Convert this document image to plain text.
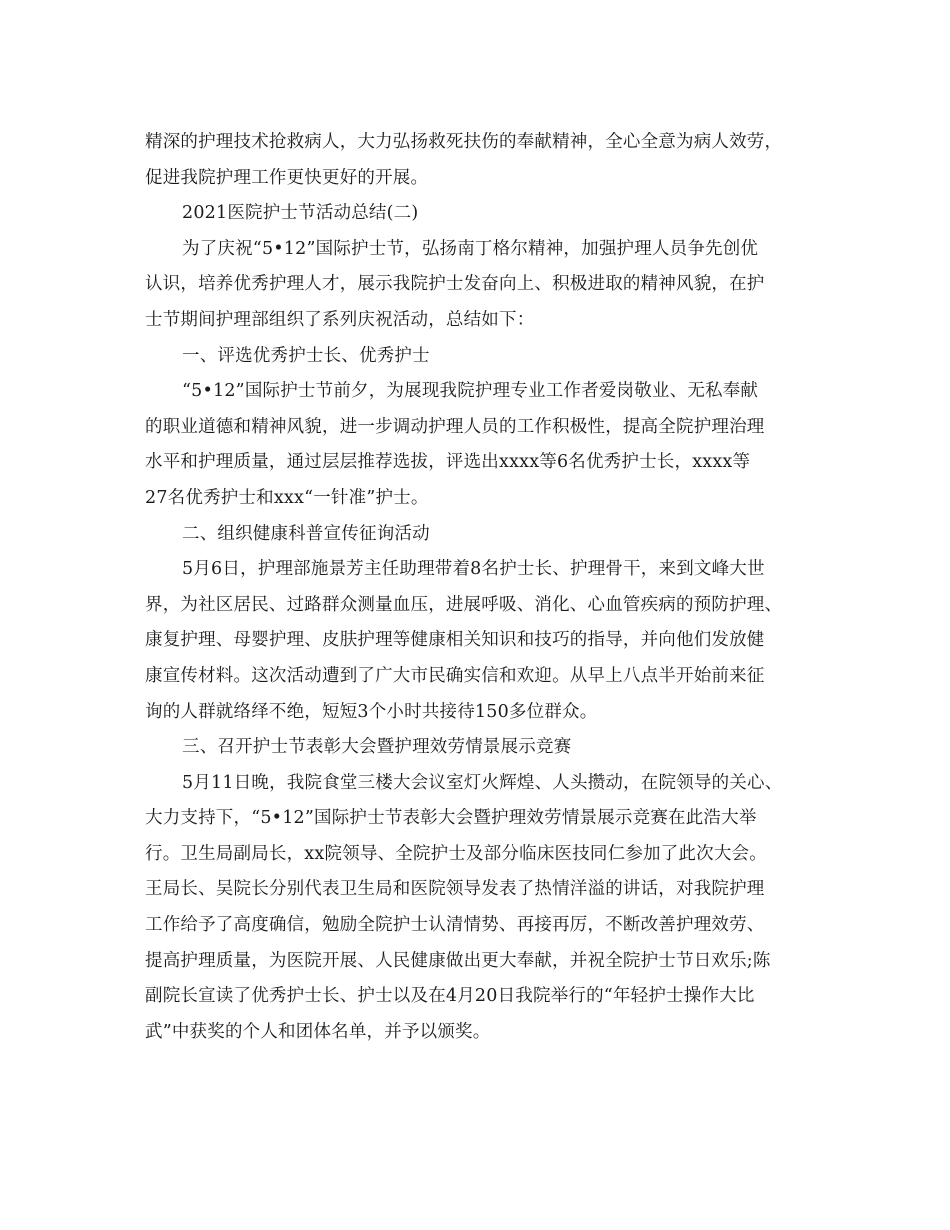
精深的护理技术抢救病人，大力弘扬救死扶伤的奉献精神，全心全意为病人效劳，
促进我院护理工作更快更好的开展。
2021医院护士节活动总结(二)
为了庆祝“5•12”国际护士节，弘扬南丁格尔精神，加强护理人员争先创优
认识，培养优秀护理人才，展示我院护士发奋向上、积极进取的精神风貌，在护
士节期间护理部组织了系列庆祝活动，总结如下：
一、评选优秀护士长、优秀护士
“5•12”国际护士节前夕，为展现我院护理专业工作者爱岗敬业、无私奉献
的职业道德和精神风貌，进一步调动护理人员的工作积极性，提高全院护理治理
水平和护理质量，通过层层推荐选拔，评选出xxxx等6名优秀护士长，xxxx等
27名优秀护士和xxx“一针准”护士。
二、组织健康科普宣传征询活动
5月6日，护理部施景芳主任助理带着8名护士长、护理骨干，来到文峰大世
界，为社区居民、过路群众测量血压，进展呼吸、消化、心血管疾病的预防护理、
康复护理、母婴护理、皮肤护理等健康相关知识和技巧的指导，并向他们发放健
康宣传材料。这次活动遭到了广大市民确实信和欢迎。从早上八点半开始前来征
询的人群就络绎不绝，短短3个小时共接待150多位群众。
三、召开护士节表彰大会暨护理效劳情景展示竞赛
5月11日晚，我院食堂三楼大会议室灯火辉煌、人头攒动，在院领导的关心、
大力支持下，“5•12”国际护士节表彰大会暨护理效劳情景展示竞赛在此浩大举
行。卫生局副局长，xx院领导、全院护士及部分临床医技同仁参加了此次大会。
王局长、吴院长分别代表卫生局和医院领导发表了热情洋溢的讲话，对我院护理
工作给予了高度确信，勉励全院护士认清情势、再接再厉，不断改善护理效劳、
提高护理质量，为医院开展、人民健康做出更大奉献，并祝全院护士节日欢乐;陈
副院长宣读了优秀护士长、护士以及在4月20日我院举行的“年轻护士操作大比
武”中获奖的个人和团体名单，并予以颁奖。
